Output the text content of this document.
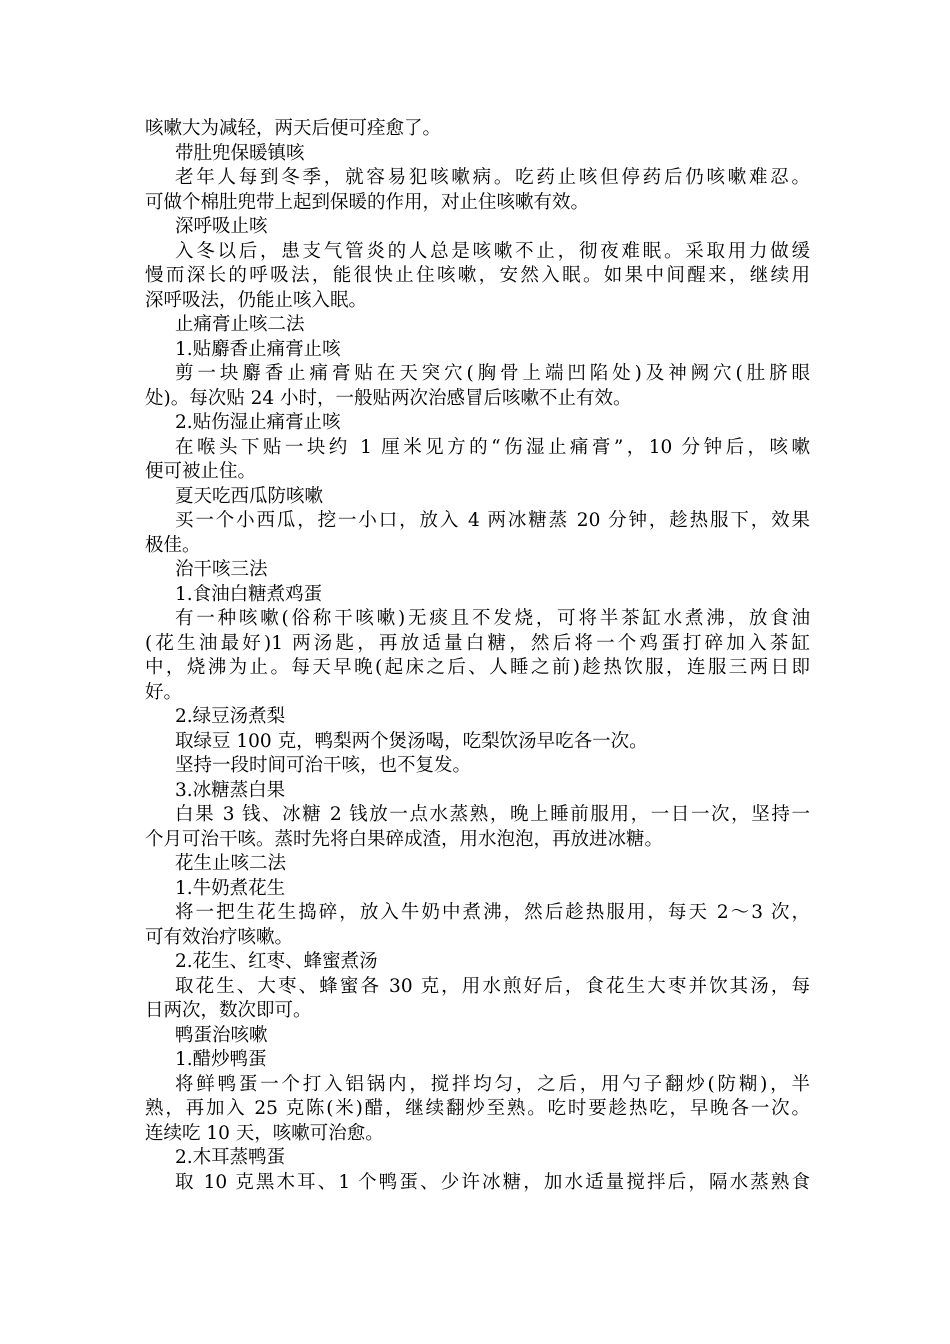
咳嗽大为减轻，两天后便可痊愈了。
带肚兜保暖镇咳
老年人每到冬季，就容易犯咳嗽病。吃药止咳但停药后仍咳嗽难忍。
可做个棉肚兜带上起到保暖的作用，对止住咳嗽有效。
深呼吸止咳
入冬以后，患支气管炎的人总是咳嗽不止，彻夜难眠。采取用力做缓
慢而深长的呼吸法，能很快止住咳嗽，安然入眠。如果中间醒来，继续用
深呼吸法，仍能止咳入眠。
止痛膏止咳二法
1.贴麝香止痛膏止咳
剪一块麝香止痛膏贴在天突穴(胸骨上端凹陷处)及神阙穴(肚脐眼
处)。每次贴 24 小时，一般贴两次治感冒后咳嗽不止有效。
2.贴伤湿止痛膏止咳
在喉头下贴一块约 1 厘米见方的“伤湿止痛膏”，10 分钟后，咳嗽
便可被止住。
夏天吃西瓜防咳嗽
买一个小西瓜，挖一小口，放入 4 两冰糖蒸 20 分钟，趁热服下，效果
极佳。
治干咳三法
1.食油白糖煮鸡蛋
有一种咳嗽(俗称干咳嗽)无痰且不发烧，可将半茶缸水煮沸，放食油
(花生油最好)1 两汤匙，再放适量白糖，然后将一个鸡蛋打碎加入茶缸
中，烧沸为止。每天早晚(起床之后、人睡之前)趁热饮服，连服三两日即
好。
2.绿豆汤煮梨
取绿豆 100 克，鸭梨两个煲汤喝，吃梨饮汤早吃各一次。
坚持一段时间可治干咳，也不复发。
3.冰糖蒸白果
白果 3 钱、冰糖 2 钱放一点水蒸熟，晚上睡前服用，一日一次，坚持一
个月可治干咳。蒸时先将白果碎成渣，用水泡泡，再放进冰糖。
花生止咳二法
1.牛奶煮花生
将一把生花生捣碎，放入牛奶中煮沸，然后趁热服用，每天 2～3 次，
可有效治疗咳嗽。
2.花生、红枣、蜂蜜煮汤
取花生、大枣、蜂蜜各 30 克，用水煎好后，食花生大枣并饮其汤，每
日两次，数次即可。
鸭蛋治咳嗽
1.醋炒鸭蛋
将鲜鸭蛋一个打入铝锅内，搅拌均匀，之后，用勺子翻炒(防糊)，半
熟，再加入 25 克陈(米)醋，继续翻炒至熟。吃时要趁热吃，早晚各一次。
连续吃 10 天，咳嗽可治愈。
2.木耳蒸鸭蛋
取 10 克黑木耳、1 个鸭蛋、少许冰糖，加水适量搅拌后，隔水蒸熟食
